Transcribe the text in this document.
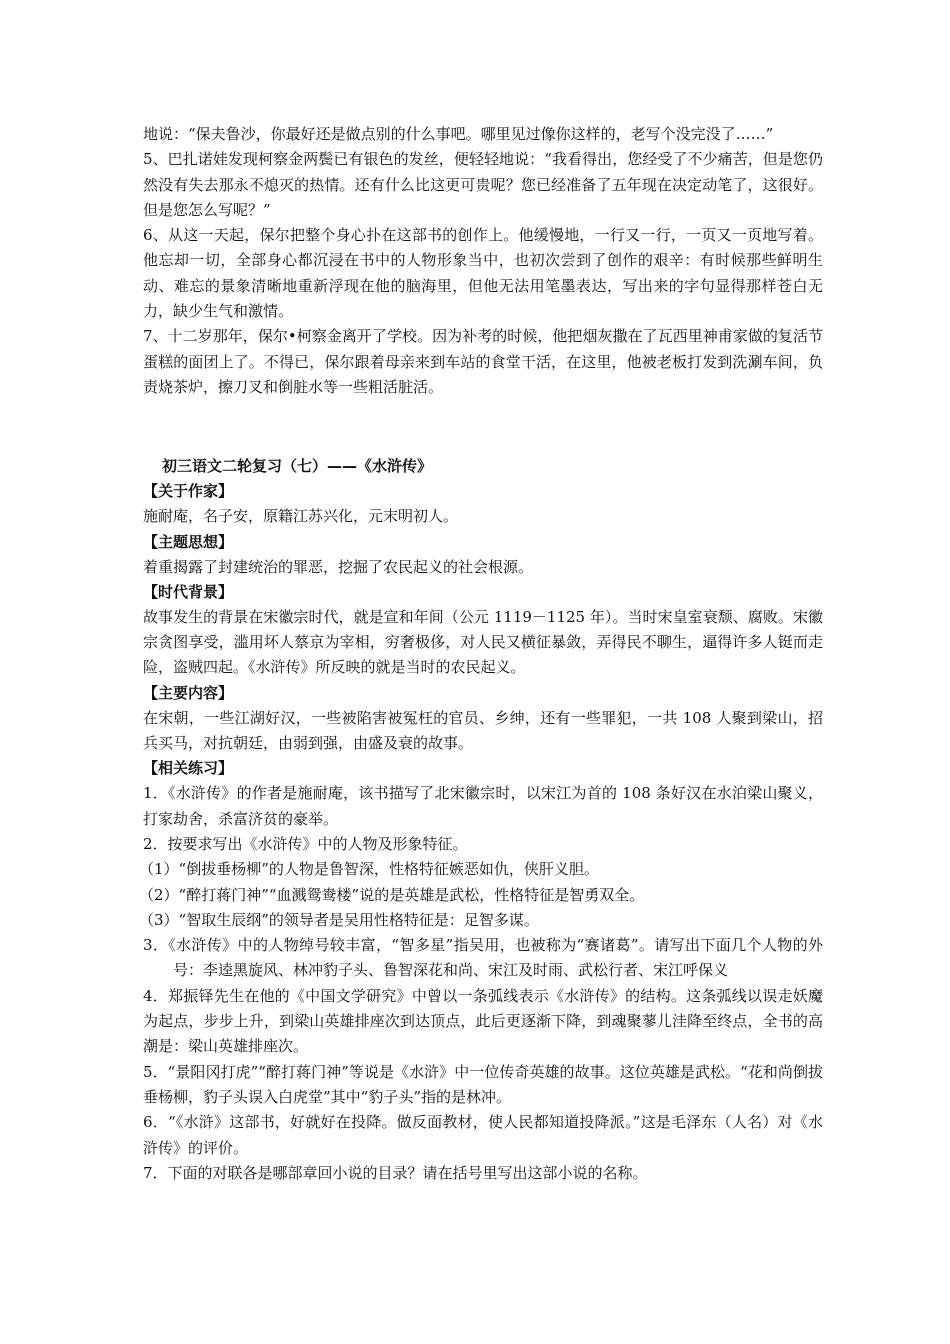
地说：“保夫鲁沙，你最好还是做点别的什么事吧。哪里见过像你这样的，老写个没完没了……”

5、巴扎诺娃发现柯察金两鬓已有银色的发丝，便轻轻地说：“我看得出，您经受了不少痛苦，但是您仍然没有失去那永不熄灭的热情。还有什么比这更可贵呢？您已经准备了五年现在决定动笔了，这很好。但是您怎么写呢？”

6、从这一天起，保尔把整个身心扑在这部书的创作上。他缓慢地，一行又一行，一页又一页地写着。他忘却一切，全部身心都沉浸在书中的人物形象当中，也初次尝到了创作的艰辛：有时候那些鲜明生动、难忘的景象清晰地重新浮现在他的脑海里，但他无法用笔墨表达，写出来的字句显得那样苍白无力，缺少生气和激情。

7、十二岁那年，保尔•柯察金离开了学校。因为补考的时候，他把烟灰撒在了瓦西里神甫家做的复活节蛋糕的面团上了。不得已，保尔跟着母亲来到车站的食堂干活，在这里，他被老板打发到洗涮车间，负责烧茶炉，擦刀叉和倒脏水等一些粗活脏活。

初三语文二轮复习（七）——《水浒传》

【关于作家】

施耐庵，名子安，原籍江苏兴化，元末明初人。

【主题思想】

着重揭露了封建统治的罪恶，挖掘了农民起义的社会根源。

【时代背景】

故事发生的背景在宋徽宗时代，就是宣和年间（公元 1119－1125 年）。当时宋皇室衰颓、腐败。宋徽宗贪图享受，滥用坏人蔡京为宰相，穷奢极侈，对人民又横征暴敛，弄得民不聊生，逼得许多人铤而走险，盗贼四起。《水浒传》所反映的就是当时的农民起义。

【主要内容】

在宋朝，一些江湖好汉，一些被陷害被冤枉的官员、乡绅，还有一些罪犯，一共 108 人聚到梁山，招兵买马，对抗朝廷，由弱到强，由盛及衰的故事。

【相关练习】

1．《水浒传》的作者是施耐庵，该书描写了北宋徽宗时，以宋江为首的 108 条好汉在水泊梁山聚义，打家劫舍，杀富济贫的豪举。

2．按要求写出《水浒传》中的人物及形象特征。

（1）“倒拔垂杨柳”的人物是鲁智深，性格特征嫉恶如仇，侠肝义胆。

（2）“醉打蒋门神”“血溅鸳鸯楼”说的是英雄是武松，性格特征是智勇双全。

（3）“智取生辰纲”的领导者是吴用性格特征是：足智多谋。

3．《水浒传》中的人物绰号较丰富，“智多星”指吴用，也被称为“赛诸葛”。请写出下面几个人物的外号：李逵黑旋风、林冲豹子头、鲁智深花和尚、宋江及时雨、武松行者、宋江呼保义

4．郑振铎先生在他的《中国文学研究》中曾以一条弧线表示《水浒传》的结构。这条弧线以误走妖魔为起点，步步上升，到梁山英雄排座次到达顶点，此后更逐渐下降，到魂聚蓼儿洼降至终点，全书的高潮是：梁山英雄排座次。

5．“景阳冈打虎”“醉打蒋门神”等说是《水浒》中一位传奇英雄的故事。这位英雄是武松。“花和尚倒拔垂杨柳，豹子头误入白虎堂”其中“豹子头”指的是林冲。

6．“《水浒》这部书，好就好在投降。做反面教材，使人民都知道投降派。”这是毛泽东（人名）对《水浒传》的评价。

7．下面的对联各是哪部章回小说的目录？请在括号里写出这部小说的名称。
